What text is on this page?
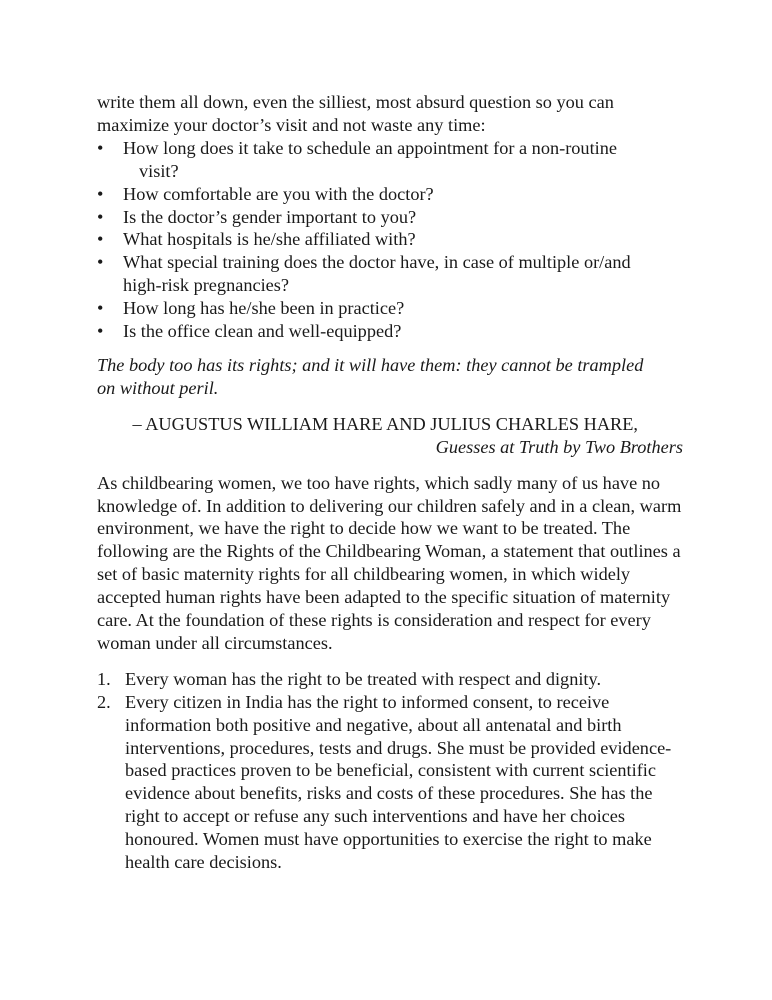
write them all down, even the silliest, most absurd question so you can
maximize your doctor’s visit and not waste any time:

• How long does it take to schedule an appointment for a non-routine
visit?
• How comfortable are you with the doctor?
• Is the doctor’s gender important to you?
• What hospitals is he/she affiliated with?
• What special training does the doctor have, in case of multiple or/and
high-risk pregnancies?
• How long has he/she been in practice?
• Is the office clean and well-equipped?

The body too has its rights; and it will have them: they cannot be trampled
on without peril.

– AUGUSTUS WILLIAM HARE AND JULIUS CHARLES HARE,
Guesses at Truth by Two Brothers

As childbearing women, we too have rights, which sadly many of us have no knowledge of. In addition to delivering our children safely and in a clean, warm environment, we have the right to decide how we want to be treated. The following are the Rights of the Childbearing Woman, a statement that outlines a set of basic maternity rights for all childbearing women, in which widely accepted human rights have been adapted to the specific situation of maternity care. At the foundation of these rights is consideration and respect for every woman under all circumstances.

1. Every woman has the right to be treated with respect and dignity.
2. Every citizen in India has the right to informed consent, to receive information both positive and negative, about all antenatal and birth interventions, procedures, tests and drugs. She must be provided evidence-based practices proven to be beneficial, consistent with current scientific evidence about benefits, risks and costs of these procedures. She has the right to accept or refuse any such interventions and have her choices honoured. Women must have opportunities to exercise the right to make health care decisions.
